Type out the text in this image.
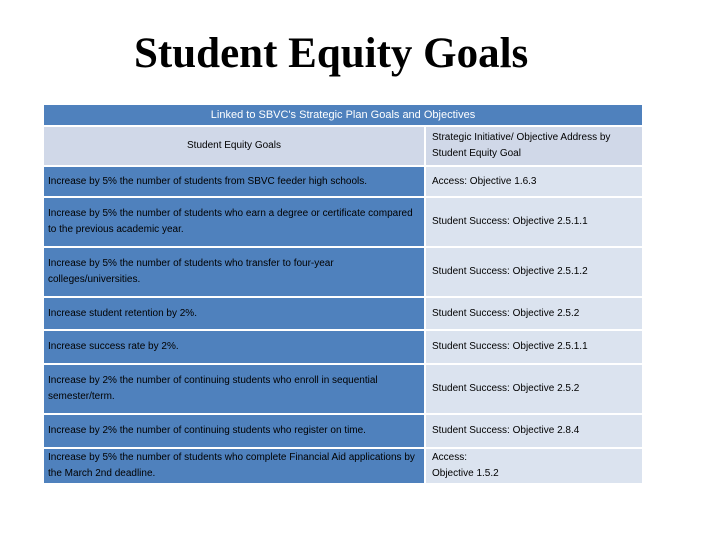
Student Equity Goals
Linked to SBVC's Strategic Plan Goals and Objectives	
Student Equity Goals	Strategic Initiative/ Objective Address by Student Equity Goal
Increase by 5% the number of students from SBVC feeder high schools.	Access: Objective 1.6.3
Increase by 5% the number of students who earn a degree or certificate compared to the previous academic year.	Student Success: Objective 2.5.1.1
Increase by 5% the number of students who transfer to four-year colleges/universities.	Student Success: Objective 2.5.1.2
Increase student retention by 2%.	Student Success: Objective 2.5.2
Increase success rate by 2%.	Student Success: Objective 2.5.1.1
Increase by 2% the number of continuing students who enroll in sequential semester/term.	Student Success: Objective 2.5.2
Increase by 2% the number of continuing students who register on time.	Student Success: Objective 2.8.4
Increase by 5% the number of students who complete Financial Aid applications by the March 2nd deadline.	Access:
Objective 1.5.2
